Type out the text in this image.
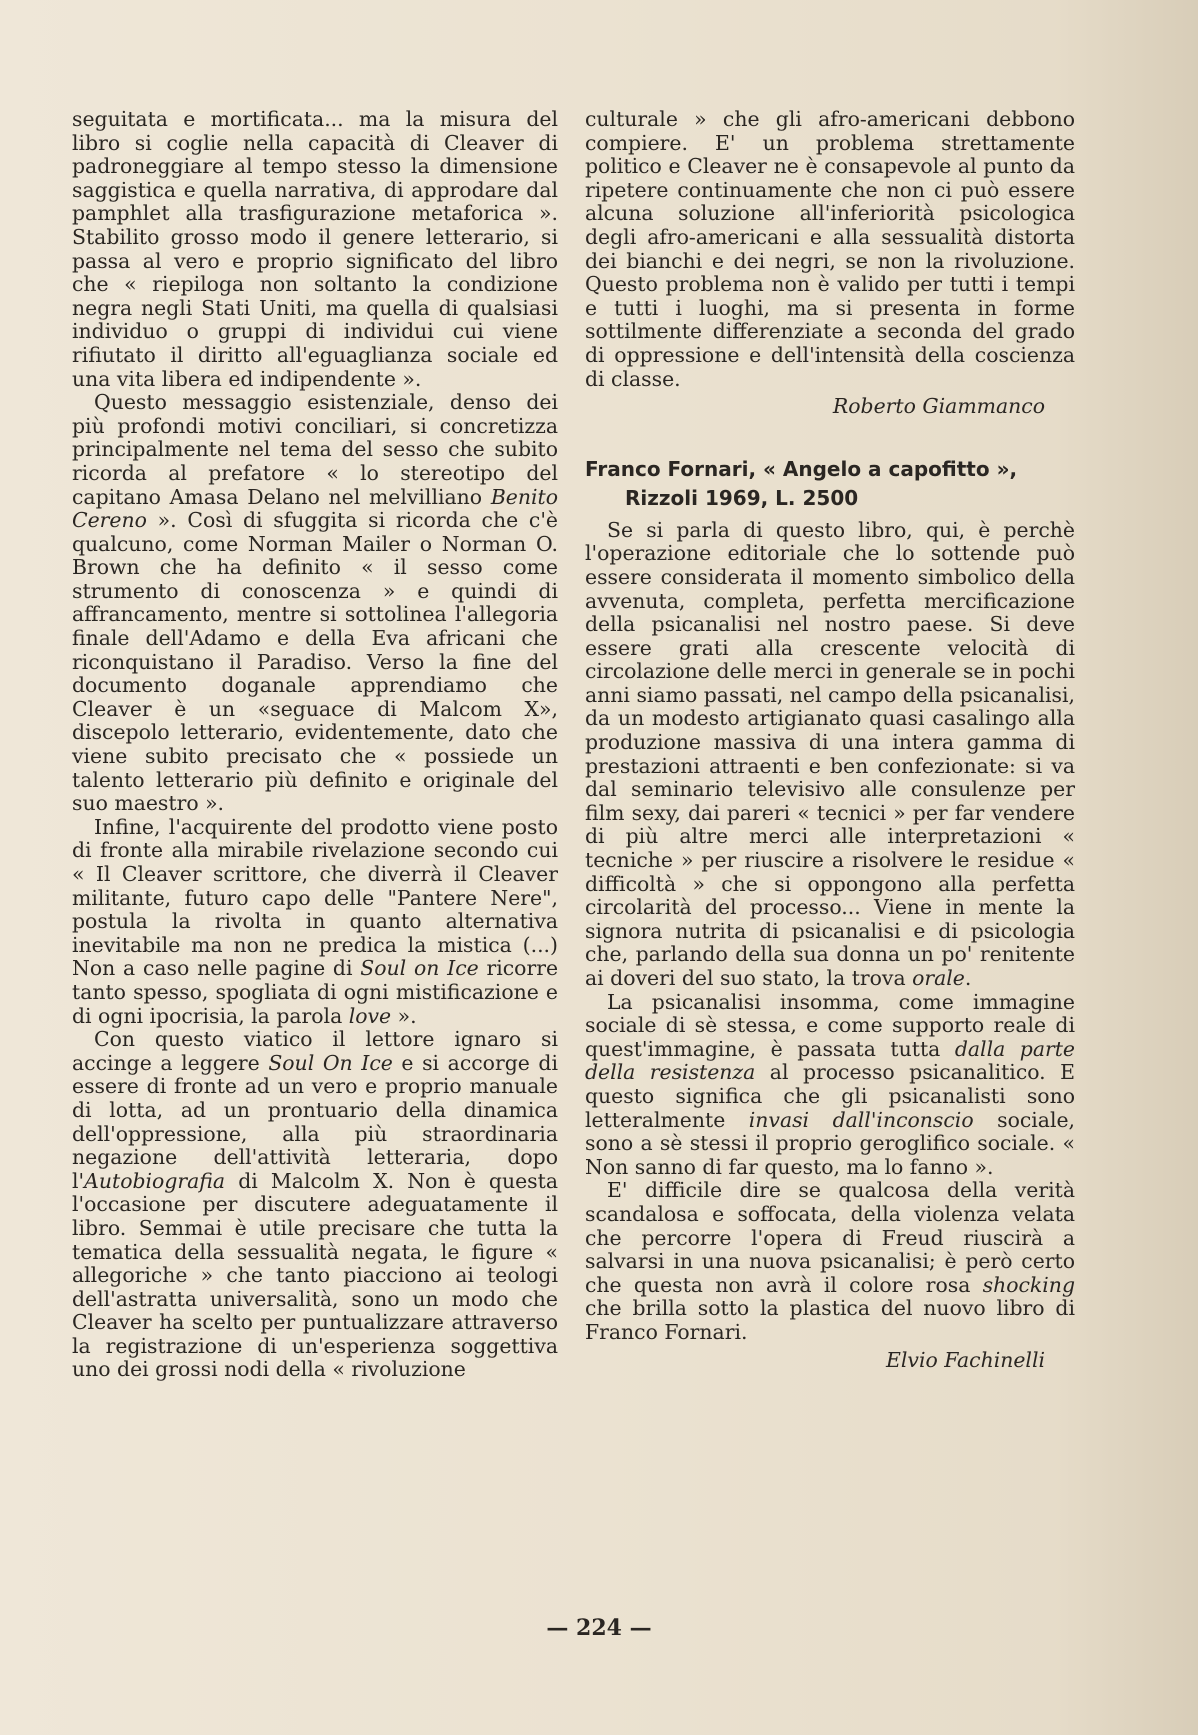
seguitata e mortificata... ma la misura del libro si coglie nella capacità di Cleaver di padroneggiare al tempo stesso la dimensione saggistica e quella narrativa, di approdare dal pamphlet alla trasfigurazione metaforica ». Stabilito grosso modo il genere letterario, si passa al vero e proprio significato del libro che « riepiloga non soltanto la condizione negra negli Stati Uniti, ma quella di qualsiasi individuo o gruppi di individui cui viene rifiutato il diritto all'eguaglianza sociale ed una vita libera ed indipendente ».

Questo messaggio esistenziale, denso dei più profondi motivi conciliari, si concretizza principalmente nel tema del sesso che subito ricorda al prefatore « lo stereotipo del capitano Amasa Delano nel melvilliano Benito Cereno ». Così di sfuggita si ricorda che c'è qualcuno, come Norman Mailer o Norman O. Brown che ha definito « il sesso come strumento di conoscenza » e quindi di affrancamento, mentre si sottolinea l'allegoria finale dell'Adamo e della Eva africani che riconquistano il Paradiso. Verso la fine del documento doganale apprendiamo che Cleaver è un «seguace di Malcom X», discepolo letterario, evidentemente, dato che viene subito precisato che « possiede un talento letterario più definito e originale del suo maestro ».

Infine, l'acquirente del prodotto viene posto di fronte alla mirabile rivelazione secondo cui « Il Cleaver scrittore, che diverrà il Cleaver militante, futuro capo delle "Pantere Nere", postula la rivolta in quanto alternativa inevitabile ma non ne predica la mistica (...) Non a caso nelle pagine di Soul on Ice ricorre tanto spesso, spogliata di ogni mistificazione e di ogni ipocrisia, la parola love ».

Con questo viatico il lettore ignaro si accinge a leggere Soul On Ice e si accorge di essere di fronte ad un vero e proprio manuale di lotta, ad un prontuario della dinamica dell'oppressione, alla più straordinaria negazione dell'attività letteraria, dopo l'Autobiografia di Malcolm X. Non è questa l'occasione per discutere adeguatamente il libro. Semmai è utile precisare che tutta la tematica della sessualità negata, le figure « allegoriche » che tanto piacciono ai teologi dell'astratta universalità, sono un modo che Cleaver ha scelto per puntualizzare attraverso la registrazione di un'esperienza soggettiva uno dei grossi nodi della « rivoluzione

culturale » che gli afro-americani debbono compiere. E' un problema strettamente politico e Cleaver ne è consapevole al punto da ripetere continuamente che non ci può essere alcuna soluzione all'inferiorità psicologica degli afro-americani e alla sessualità distorta dei bianchi e dei negri, se non la rivoluzione. Questo problema non è valido per tutti i tempi e tutti i luoghi, ma si presenta in forme sottilmente differenziate a seconda del grado di oppressione e dell'intensità della coscienza di classe.

Roberto Giammanco
Franco Fornari, « Angelo a capofitto »,
Rizzoli 1969, L. 2500

Se si parla di questo libro, qui, è perchè l'operazione editoriale che lo sottende può essere considerata il momento simbolico della avvenuta, completa, perfetta mercificazione della psicanalisi nel nostro paese. Si deve essere grati alla crescente velocità di circolazione delle merci in generale se in pochi anni siamo passati, nel campo della psicanalisi, da un modesto artigianato quasi casalingo alla produzione massiva di una intera gamma di prestazioni attraenti e ben confezionate: si va dal seminario televisivo alle consulenze per film sexy, dai pareri « tecnici » per far vendere di più altre merci alle interpretazioni « tecniche » per riuscire a risolvere le residue « difficoltà » che si oppongono alla perfetta circolarità del processo... Viene in mente la signora nutrita di psicanalisi e di psicologia che, parlando della sua donna un po' renitente ai doveri del suo stato, la trova orale.

La psicanalisi insomma, come immagine sociale di sè stessa, e come supporto reale di quest'immagine, è passata tutta dalla parte della resistenza al processo psicanalitico. E questo significa che gli psicanalisti sono letteralmente invasi dall'inconscio sociale, sono a sè stessi il proprio geroglifico sociale. « Non sanno di far questo, ma lo fanno ».

E' difficile dire se qualcosa della verità scandalosa e soffocata, della violenza velata che percorre l'opera di Freud riuscirà a salvarsi in una nuova psicanalisi; è però certo che questa non avrà il colore rosa shocking che brilla sotto la plastica del nuovo libro di Franco Fornari.

Elvio Fachinelli
— 224 —
